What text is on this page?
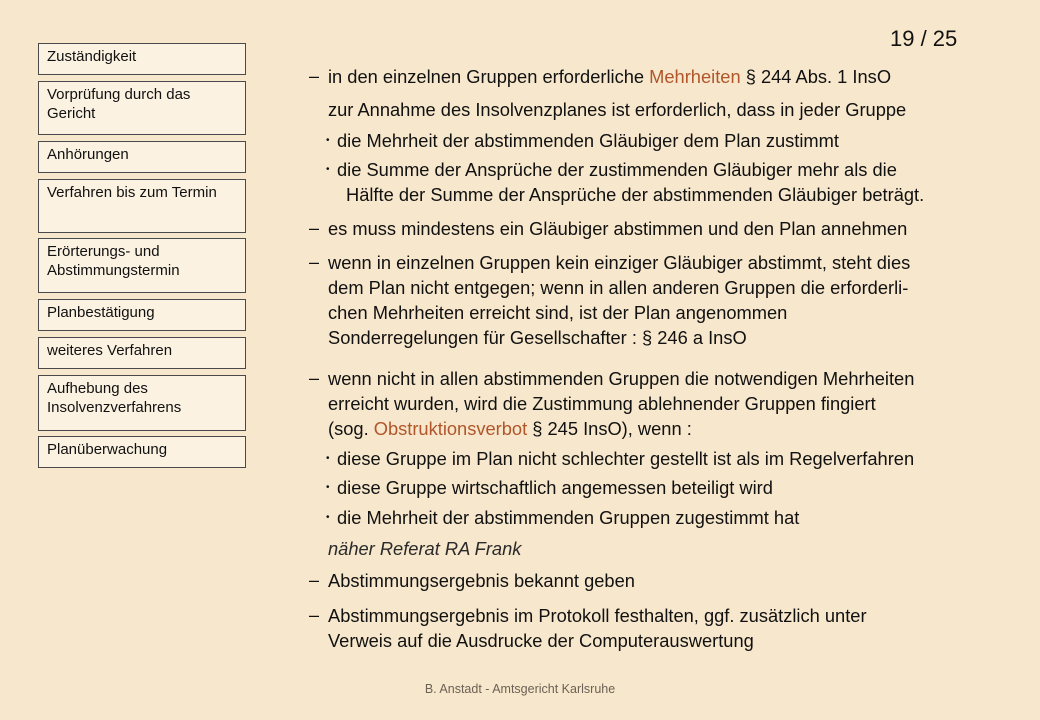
Zuständigkeit
Vorprüfung durch das Gericht
Anhörungen
Verfahren bis zum Termin
Erörterungs- und Abstimmungstermin
Planbestätigung
weiteres Verfahren
Aufhebung des Insolvenzverfahrens
Planüberwachung
19 / 25
– in den einzelnen Gruppen erforderliche Mehrheiten § 244 Abs. 1 InsO
zur Annahme des Insolvenzplanes ist erforderlich, dass in jeder Gruppe
• die Mehrheit der abstimmenden Gläubiger dem Plan zustimmt
• die Summe der Ansprüche der zustimmenden Gläubiger mehr als die
Hälfte der Summe der Ansprüche der abstimmenden Gläubiger beträgt.
– es muss mindestens ein Gläubiger abstimmen und den Plan annehmen
– wenn in einzelnen Gruppen kein einziger Gläubiger abstimmt, steht dies
dem Plan nicht entgegen; wenn in allen anderen Gruppen die erforderli-
chen Mehrheiten erreicht sind, ist der Plan angenommen
Sonderregelungen für Gesellschafter : § 246 a InsO
– wenn nicht in allen abstimmenden Gruppen die notwendigen Mehrheiten
erreicht wurden, wird die Zustimmung ablehnender Gruppen fingiert
(sog. Obstruktionsverbot § 245 InsO), wenn :
• diese Gruppe im Plan nicht schlechter gestellt ist als im Regelverfahren
• diese Gruppe wirtschaftlich angemessen beteiligt wird
• die Mehrheit der abstimmenden Gruppen zugestimmt hat
näher Referat RA Frank
– Abstimmungsergebnis bekannt geben
– Abstimmungsergebnis im Protokoll festhalten, ggf. zusätzlich unter
Verweis auf die Ausdrucke der Computerauswertung
B. Anstadt - Amtsgericht Karlsruhe
